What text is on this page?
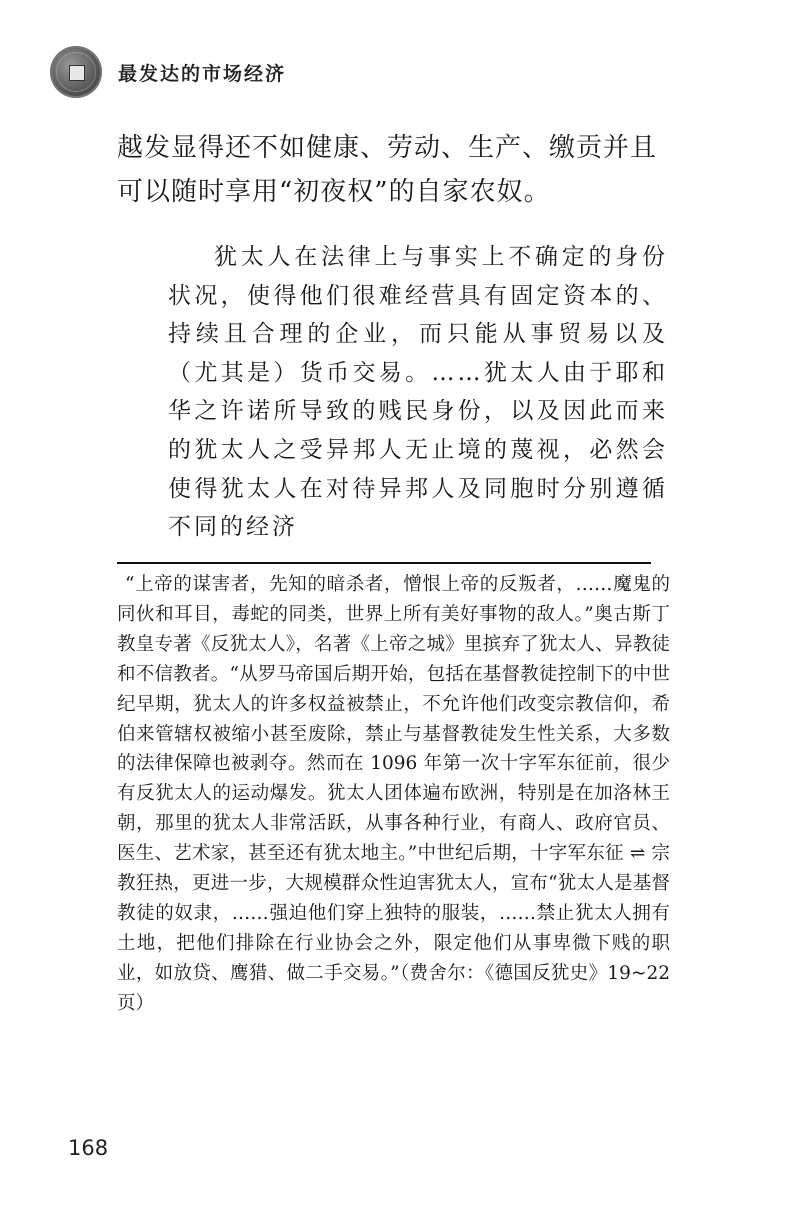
最发达的市场经济

越发显得还不如健康、劳动、生产、缴贡并且可以随时享用“初夜权”的自家农奴。

犹太人在法律上与事实上不确定的身份状况，使得他们很难经营具有固定资本的、持续且合理的企业，而只能从事贸易以及（尤其是）货币交易。……犹太人由于耶和华之许诺所导致的贱民身份，以及因此而来的犹太人之受异邦人无止境的蔑视，必然会使得犹太人在对待异邦人及同胞时分别遵循不同的经济

“上帝的谋害者，先知的暗杀者，憎恨上帝的反叛者，……魔鬼的同伙和耳目，毒蛇的同类，世界上所有美好事物的敌人。”奥古斯丁教皇专著《反犹太人》，名著《上帝之城》里摈弃了犹太人、异教徒和不信教者。“从罗马帝国后期开始，包括在基督教徒控制下的中世纪早期，犹太人的许多权益被禁止，不允许他们改变宗教信仰，希伯来管辖权被缩小甚至废除，禁止与基督教徒发生性关系，大多数的法律保障也被剥夺。然而在 1096 年第一次十字军东征前，很少有反犹太人的运动爆发。犹太人团体遍布欧洲，特别是在加洛林王朝，那里的犹太人非常活跃，从事各种行业，有商人、政府官员、医生、艺术家，甚至还有犹太地主。”中世纪后期，十字军东征 ⇌ 宗教狂热，更进一步，大规模群众性迫害犹太人，宣布“犹太人是基督教徒的奴隶，……强迫他们穿上独特的服装，……禁止犹太人拥有土地，把他们排除在行业协会之外，限定他们从事卑微下贱的职业，如放贷、鹰猎、做二手交易。”（费舍尔：《德国反犹史》19~22 页）

168
